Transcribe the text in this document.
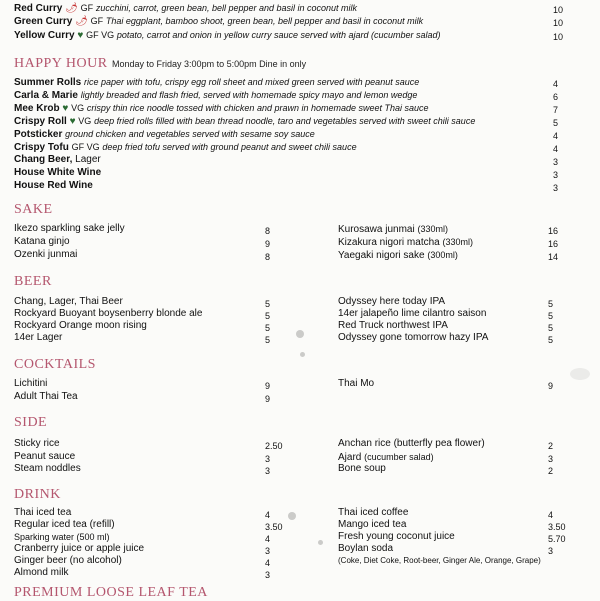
Red Curry 🌶 GF zucchini, carrot, green bean, bell pepper and basil in coconut milk	10
Green Curry 🌶 GF Thai eggplant, bamboo shoot, green bean, bell pepper and basil in coconut milk	10
Yellow Curry ♥ GF VG potato, carrot and onion in yellow curry sauce served with ajard (cucumber salad)	10
HAPPY HOUR Monday to Friday 3:00pm to 5:00pm Dine in only
Summer Rolls rice paper with tofu, crispy egg roll sheet and mixed green served with peanut sauce	4
Carla & Marie lightly breaded and flash fried, served with homemade spicy mayo and lemon wedge	6
Mee Krob ♥ VG crispy thin rice noodle tossed with chicken and prawn in homemade sweet Thai sauce	7
Crispy Roll ♥ VG deep fried rolls filled with bean thread noodle, taro and vegetables served with sweet chili sauce	5
Potsticker ground chicken and vegetables served with sesame soy sauce	4
Crispy Tofu GF VG deep fried tofu served with ground peanut and sweet chili sauce	4
Chang Beer, Lager	3
House White Wine	3
House Red Wine	3
SAKE
Ikezo sparkling sake jelly	8
Katana ginjo	9
Ozenki junmai	8
Kurosawa junmai (330ml)	16
Kizakura nigori matcha (330ml)	16
Yaegaki nigori sake (300ml)	14
BEER
Chang, Lager, Thai Beer	5
Rockyard Buoyant boysenberry blonde ale	5
Rockyard Orange moon rising	5
14er Lager	5
Odyssey here today IPA	5
14er jalapeño lime cilantro saison	5
Red Truck northwest IPA	5
Odyssey gone tomorrow hazy IPA	5
COCKTAILS
Lichitini	9
Adult Thai Tea	9
Thai Mo	9
SIDE
Sticky rice	2.50
Peanut sauce	3
Steam noddles	3
Anchan rice (butterfly pea flower)	2
Ajard (cucumber salad)	3
Bone soup	2
DRINK
Thai iced tea	4
Regular iced tea (refill)	3.50
Sparking water (500 ml)	4
Cranberry juice or apple juice	3
Ginger beer (no alcohol)	4
Almond milk	3
Thai iced coffee	4
Mango iced tea	3.50
Fresh young coconut juice	5.70
Boylan soda	3
(Coke, Diet Coke, Root-beer, Ginger Ale, Orange, Grape)
PREMIUM LOOSE LEAF TEA
